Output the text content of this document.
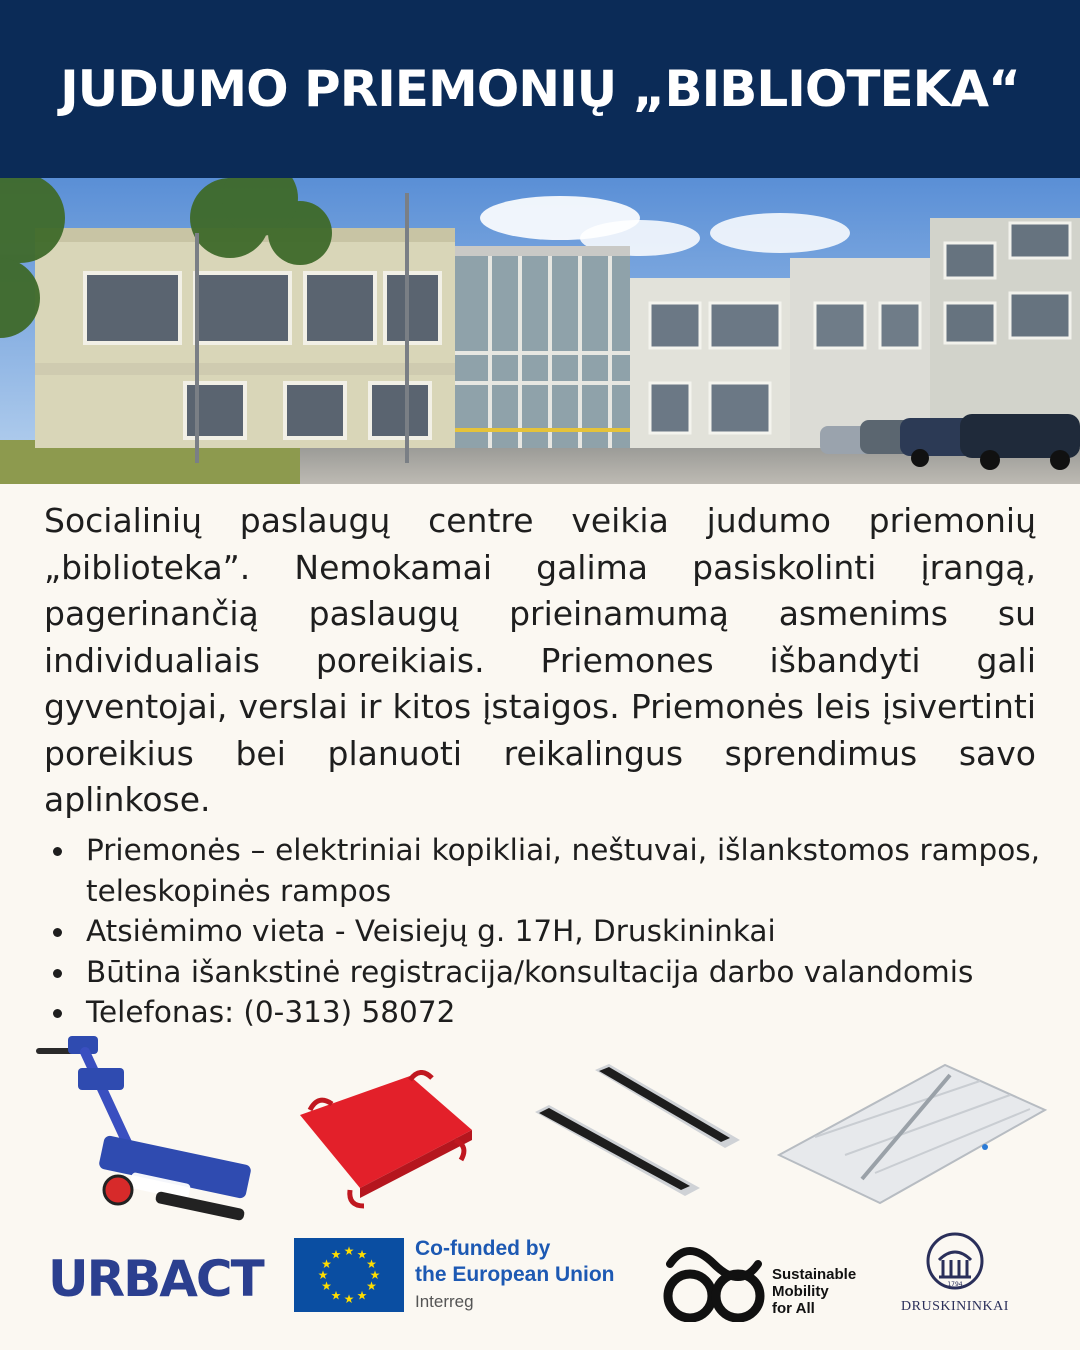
JUDUMO PRIEMONIŲ „BIBLIOTEKA“

Socialinių paslaugų centre veikia judumo priemonių „biblioteka”. Nemokamai galima pasiskolinti įrangą, pagerinančią paslaugų prieinamumą asmenims su individualiais poreikiais. Priemones išbandyti gali gyventojai, verslai ir kitos įstaigos. Priemonės leis įsivertinti poreikius bei planuoti reikalingus sprendimus savo aplinkose.

Priemonės – elektriniai kopikliai, neštuvai, išlankstomos rampos, teleskopinės rampos
Atsiėmimo vieta - Veisiejų g. 17H, Druskininkai
Būtina išankstinė registracija/konsultacija darbo valandomis
Telefonas: (0-313) 58072
URBACT	★ ★
★
★
★
★
★
★
★
★
★
★	Co-funded by
the European Union
Interreg
Sustainable
Mobility
for All
1794
DRUSKININKAI
